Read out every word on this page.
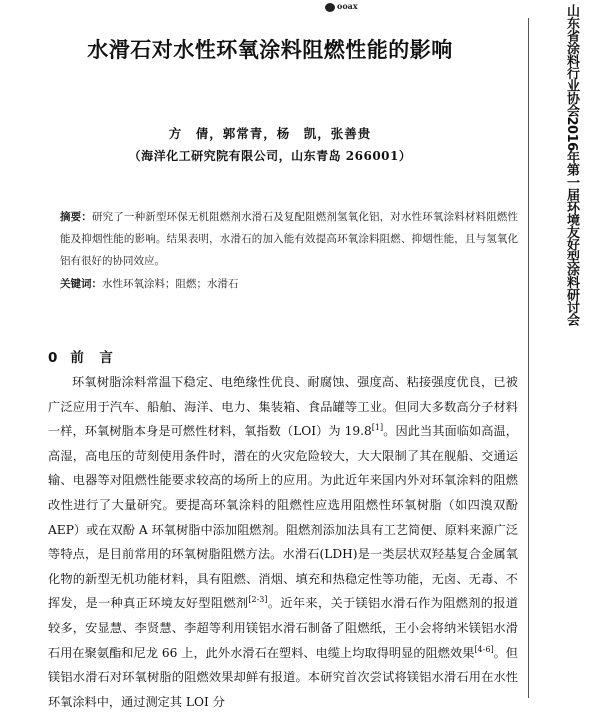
ooax	山东省涂料行业协会2016年第一届环境友好型涂料研讨会
水滑石对水性环氧涂料阻燃性能的影响
方　倩，郭常青，杨　凯，张善贵
（海洋化工研究院有限公司，山东青岛 266001）
摘要：研究了一种新型环保无机阻燃剂水滑石及复配阻燃剂氢氧化铝，对水性环氧涂料材料阻燃性能及抑烟性能的影响。结果表明，水滑石的加入能有效提高环氧涂料阻燃、抑烟性能，且与氢氧化铝有很好的协同效应。
关键词：水性环氧涂料；阻燃；水滑石
0 前　言

环氧树脂涂料常温下稳定、电绝缘性优良、耐腐蚀、强度高、粘接强度优良，已被广泛应用于汽车、船舶、海洋、电力、集装箱、食品罐等工业。但同大多数高分子材料一样，环氧树脂本身是可燃性材料，氧指数（LOI）为 19.8[1]。因此当其面临如高温，高湿，高电压的苛刻使用条件时，潜在的火灾危险较大，大大限制了其在舰船、交通运输、电器等对阻燃性能要求较高的场所上的应用。为此近年来国内外对环氧涂料的阻燃改性进行了大量研究。要提高环氧涂料的阻燃性应选用阻燃性环氧树脂（如四溴双酚 AEP）或在双酚 A 环氧树脂中添加阻燃剂。阻燃剂添加法具有工艺简便、原料来源广泛等特点，是目前常用的环氧树脂阻燃方法。水滑石(LDH)是一类层状双羟基复合金属氧化物的新型无机功能材料，具有阻燃、消烟、填充和热稳定性等功能，无卤、无毒、不挥发，是一种真正环境友好型阻燃剂[2-3]。近年来，关于镁铝水滑石作为阻燃剂的报道较多，安显慧、李贤慧、李超等利用镁铝水滑石制备了阻燃纸，王小会将纳米镁铝水滑石用在聚氨酯和尼龙 66 上，此外水滑石在塑料、电缆上均取得明显的阻燃效果[4-6]。但镁铝水滑石对环氧树脂的阻燃效果却鲜有报道。本研究首次尝试将镁铝水滑石用在水性环氧涂料中，通过测定其 LOI 分
